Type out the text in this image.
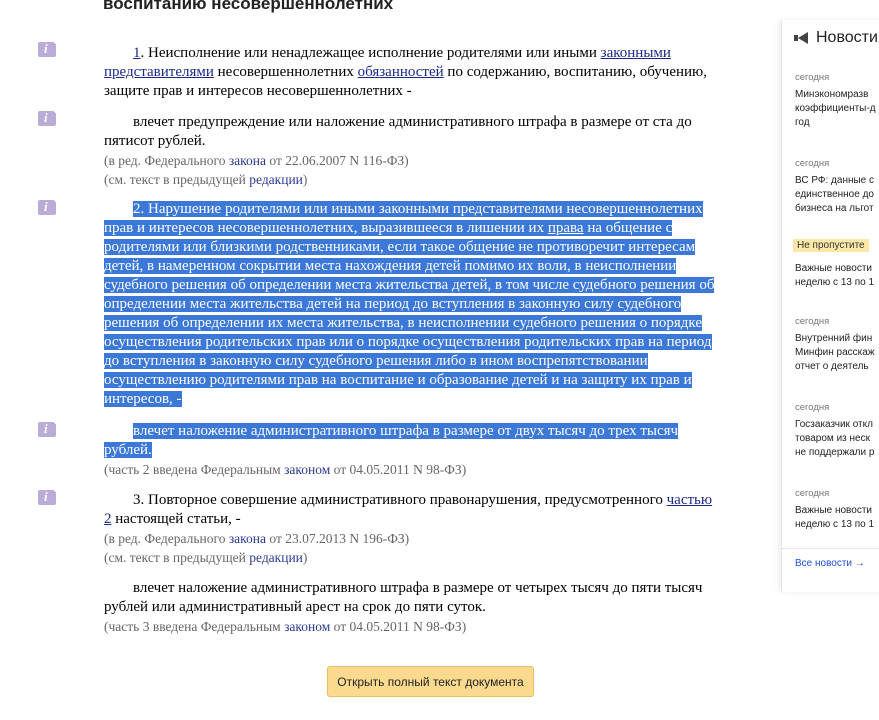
воспитанию несовершеннолетних
i
i
i
i
i
1. Неисполнение или ненадлежащее исполнение родителями или иными законными
представителями несовершеннолетних обязанностей по содержанию, воспитанию, обучению,
защите прав и интересов несовершеннолетних -
влечет предупреждение или наложение административного штрафа в размере от ста до
пятисот рублей.
(в ред. Федерального закона от 22.06.2007 N 116-ФЗ)
(см. текст в предыдущей редакции)
2. Нарушение родителями или иными законными представителями несовершеннолетних
прав и интересов несовершеннолетних, выразившееся в лишении их права на общение с
родителями или близкими родственниками, если такое общение не противоречит интересам
детей, в намеренном сокрытии места нахождения детей помимо их воли, в неисполнении
судебного решения об определении места жительства детей, в том числе судебного решения об
определении места жительства детей на период до вступления в законную силу судебного
решения об определении их места жительства, в неисполнении судебного решения о порядке
осуществления родительских прав или о порядке осуществления родительских прав на период
до вступления в законную силу судебного решения либо в ином воспрепятствовании
осуществлению родителями прав на воспитание и образование детей и на защиту их прав и
интересов, -
влечет наложение административного штрафа в размере от двух тысяч до трех тысяч
рублей.
(часть 2 введена Федеральным законом от 04.05.2011 N 98-ФЗ)
3. Повторное совершение административного правонарушения, предусмотренного частью
2 настоящей статьи, -
(в ред. Федерального закона от 23.07.2013 N 196-ФЗ)
(см. текст в предыдущей редакции)
влечет наложение административного штрафа в размере от четырех тысяч до пяти тысяч
рублей или административный арест на срок до пяти суток.
(часть 3 введена Федеральным законом от 04.05.2011 N 98-ФЗ)
Открыть полный текст документа
Новости
сегодня
Минэкономразв
коэффициенты-д
год
сегодня
ВС РФ: данные с
единственное до
бизнеса на льгот
Не пропустите
Важные новости
неделю с 13 по 1
сегодня
Внутренний фин
Минфин расскаж
отчет о деятель
сегодня
Госзаказчик откл
товаром из неск
не поддержали р
сегодня
Важные новости
неделю с 13 по 1
Все новости →
